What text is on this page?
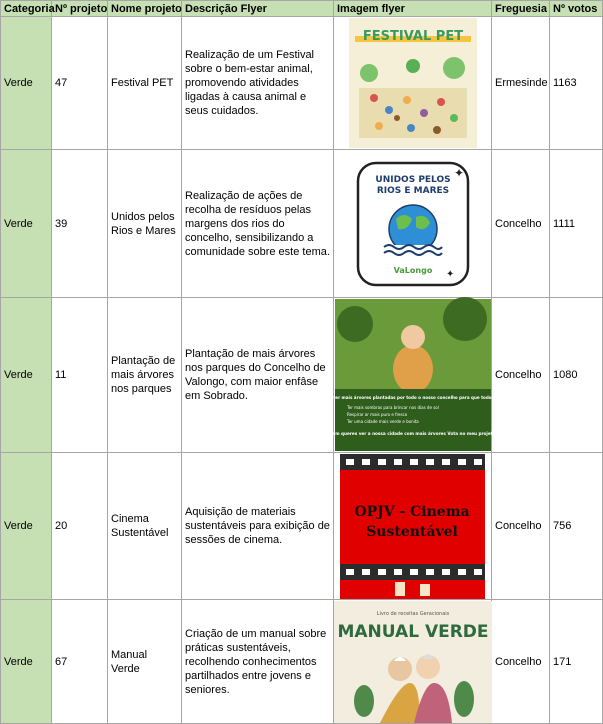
Categoria	Nº projeto	Nome projeto	Descrição Flyer	Imagem flyer	Freguesia	Nº votos
Verde	47	Festival PET	Realização de um Festival sobre o bem-estar animal, promovendo atividades ligadas à causa animal e seus cuidados.	FESTIVAL PET	Ermesinde	1163
Verde	39	Unidos pelos Rios e Mares	Realização de ações de recolha de resíduos pelas margens dos rios do concelho, sensibilizando a comunidade sobre este tema.	UNIDOS PELOS
RIOS E MARES
VaLongo
✦
✦	Concelho	1111
Verde	11	Plantação de mais árvores nos parques	Plantação de mais árvores nos parques do Concelho de Valongo, com maior enfâse em Sobrado.	Gostava de ter mais árvores plantadas por todo o nosso concelho para que todos possamos:
Ter mais sombras para brincar nos dias de sol
Respirar ar mais puro e fresco
Ter uma cidade mais verde e bonita
Se também queres ver a nossa cidade com mais árvores Vota no meu projeto n.º 11!	Concelho	1080
Verde	20	Cinema Sustentável	Aquisição de materiais sustentáveis para exibição de sessões de cinema.	OPJV - Cinema
Sustentável	Concelho	756
Verde	67	Manual Verde	Criação de um manual sobre práticas sustentáveis, recolhendo conhecimentos partilhados entre jovens e seniores.	Livro de receitas Geracionais
MANUAL VERDE	Concelho	171
